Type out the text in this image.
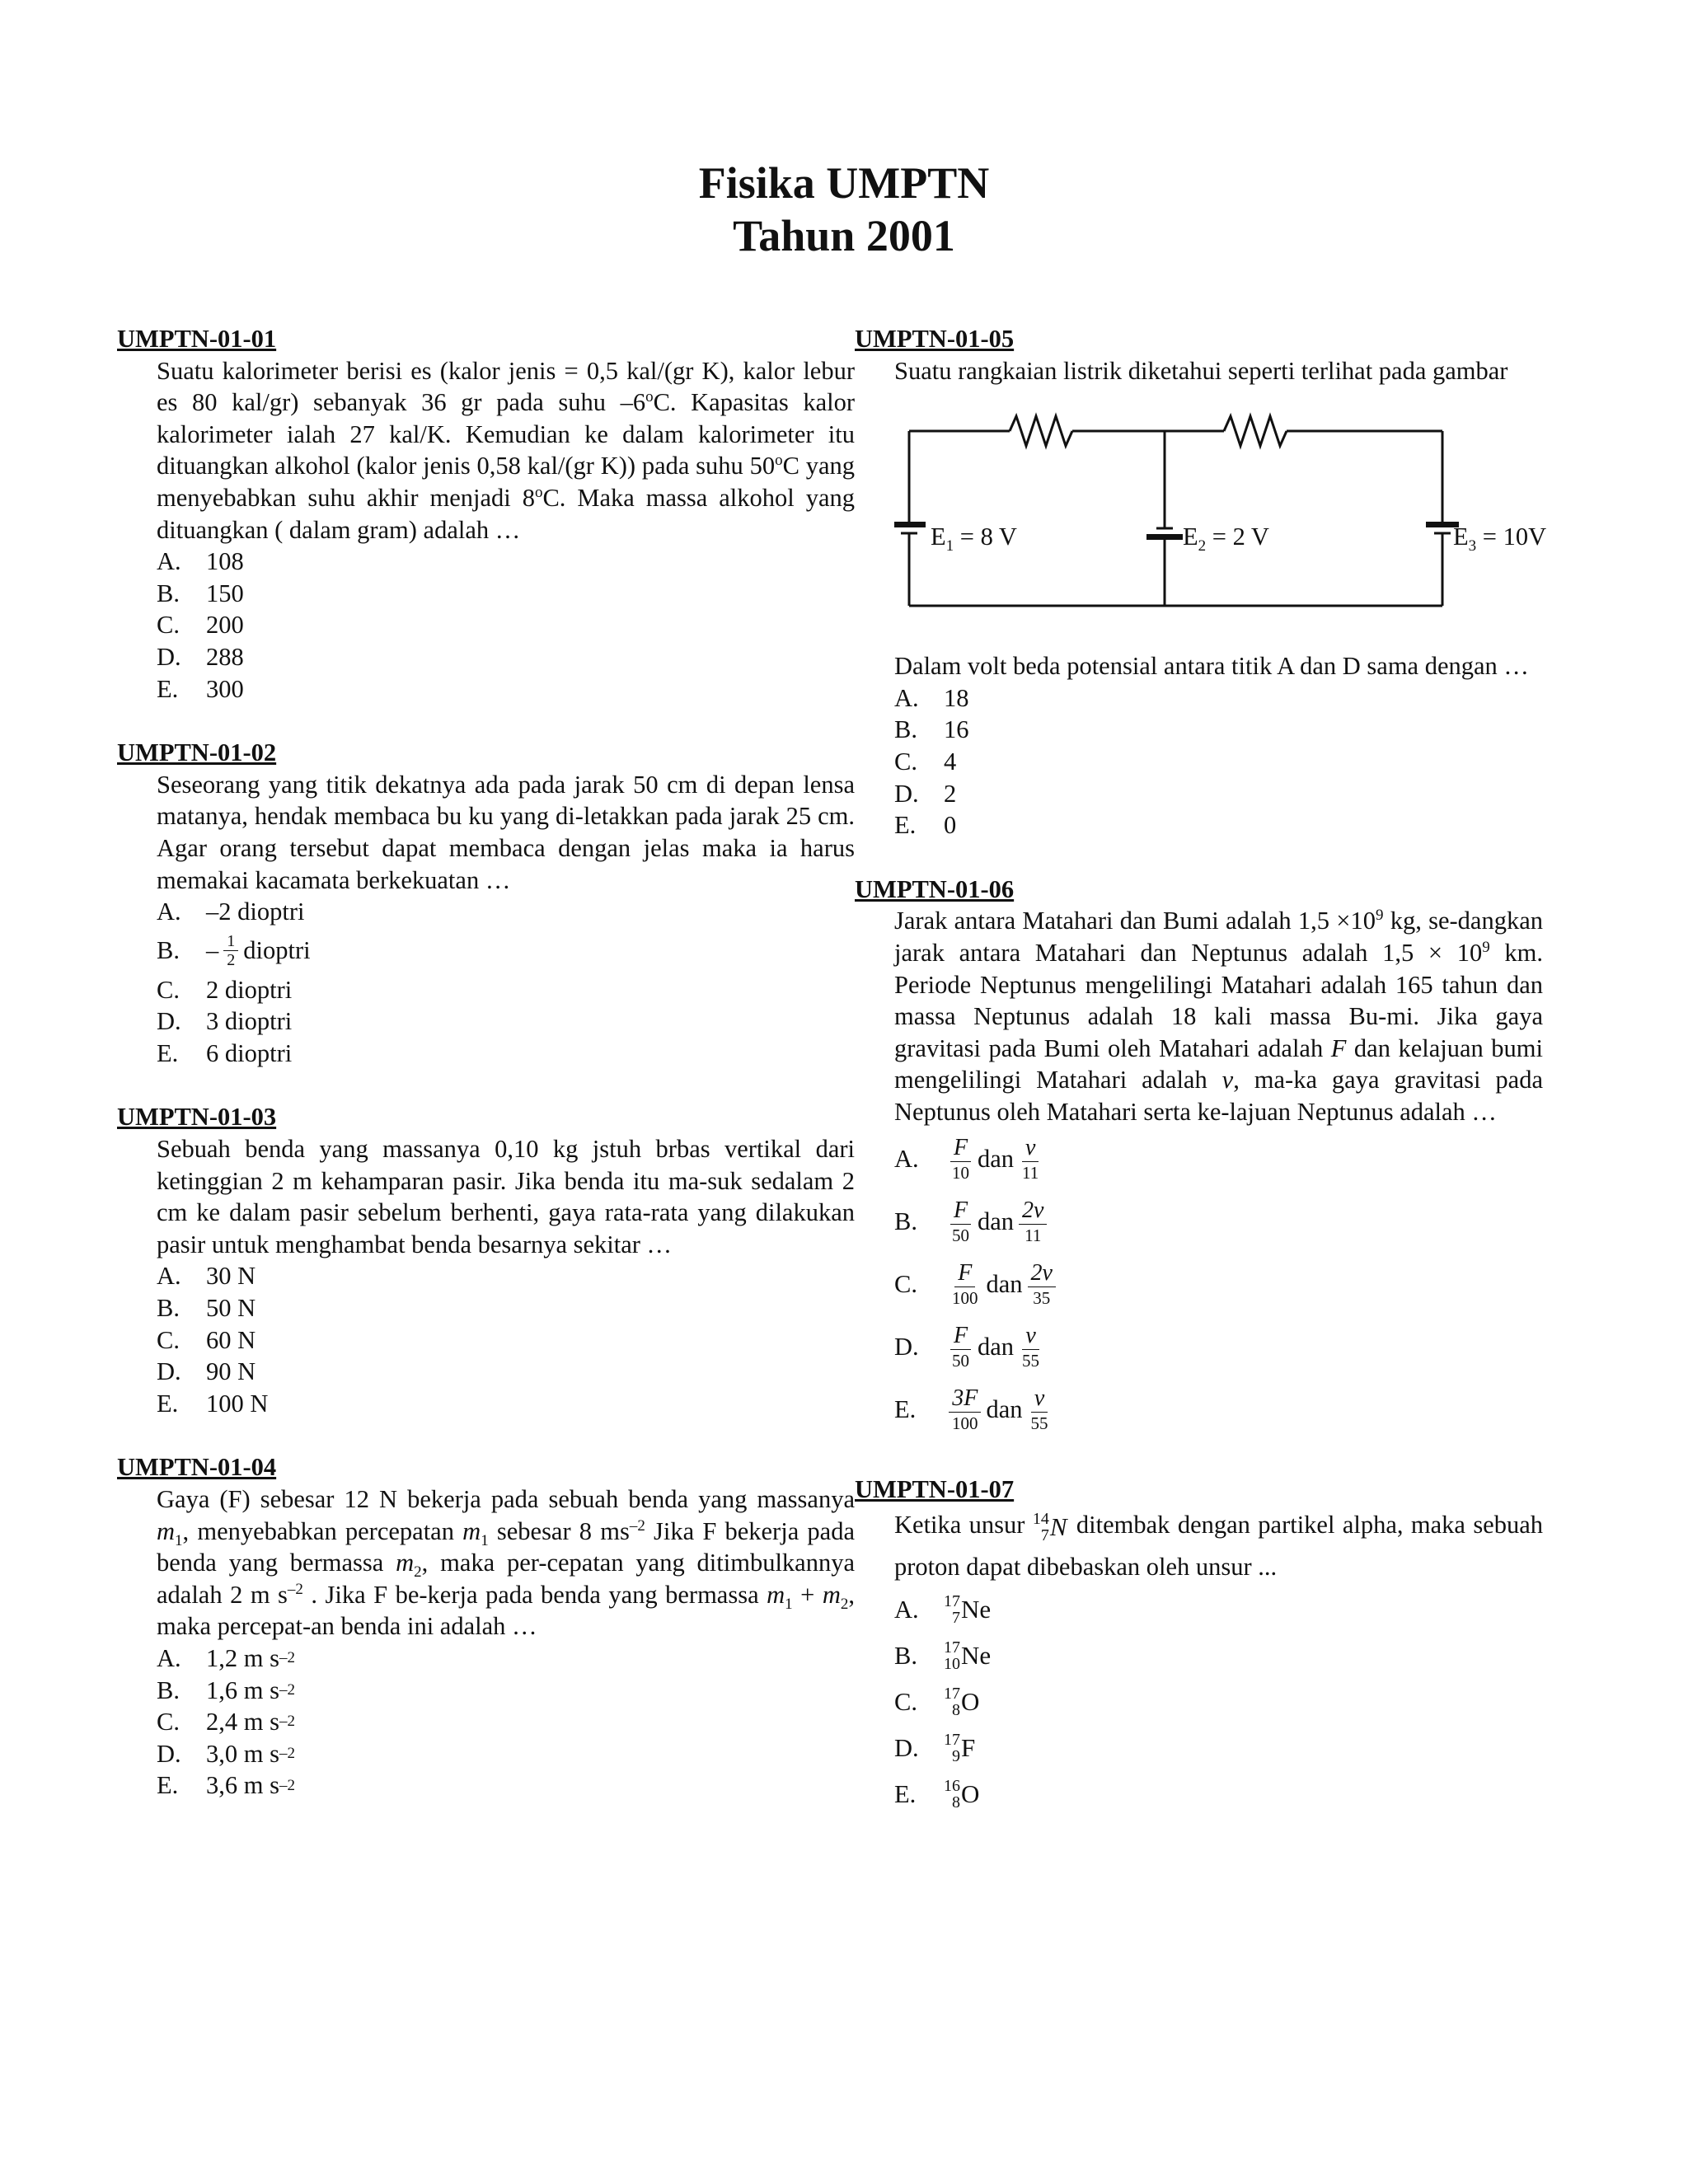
Fisika UMPTN
Tahun 2001
UMPTN-01-01
Suatu kalorimeter berisi es (kalor jenis = 0,5 kal/(gr K), kalor lebur es 80 kal/gr) sebanyak 36 gr pada suhu –6$^o$C. Kapasitas kalor kalorimeter ialah 27 kal/K. Kemudian ke dalam kalorimeter itu dituangkan alkohol (kalor jenis 0,58 kal/(gr K)) pada suhu 50$^o$C yang menyebabkan suhu akhir menjadi 8$^o$C. Maka massa alkohol yang dituangkan ( dalam gram) adalah …
A. 108
B.	150
C.	200
D. 288
E.	300
UMPTN-01-02
Seseorang yang titik dekatnya ada pada jarak 50 cm di depan lensa matanya, hendak membaca bu ku yang di-letakkan pada jarak 25 cm. Agar orang tersebut dapat membaca dengan jelas maka ia harus memakai kacamata berkekuatan …
A. –2 dioptri
B.	– $\frac{1}{2}$ dioptri
C.	2 dioptri
D. 3 dioptri
E.	6 dioptri
UMPTN-01-03
Sebuah benda yang massanya 0,10 kg jstuh brbas vertikal dari ketinggian 2 m kehamparan pasir. Jika benda itu ma-suk sedalam 2 cm ke dalam pasir sebelum berhenti, gaya rata-rata yang dilakukan pasir untuk menghambat benda besarnya sekitar …
A. 30 N
B.	50 N
C.	60 N
D. 90 N
E.	100 N
UMPTN-01-04
Gaya (F) sebesar 12 N bekerja pada sebuah benda yang massanya $m_1$, menyebabkan percepatan $m_1$ sebesar 8 $ms^{-2}$ Jika F bekerja pada benda yang bermassa $m_2$, maka per-cepatan yang ditimbulkannya adalah 2 m $s^{-2}$ . Jika F be-kerja pada benda yang bermassa $m_1 + m_2$, maka percepat-an benda ini adalah …
A. 1,2
m s –2
B.	1,6
m s –2
C.	2,4
m s –2
D. 3,0
m s –2
E.	3,6
m s –2
UMPTN-01-05
Suatu rangkaian listrik diketahui seperti terlihat pada gambar
$E_1 = 8$ V	$E_2 = 2$ V	$E_3 = 10V$
Dalam volt beda potensial antara titik A dan D sama dengan …
A. 18
B.	16
C.	4
D. 2
E.	0
UMPTN-01-06
Jarak antara Matahari dan Bumi adalah $1,5 \times 10^9$ kg, se-dangkan jarak antara Matahari dan Neptunus adalah $1,5 \times 10^9$ km. Periode Neptunus mengelilingi Matahari adalah 165 tahun dan massa Neptunus adalah 18 kali massa Bu-mi. Jika gaya gravitasi pada Bumi oleh Matahari adalah F dan kelajuan bumi mengelilingi Matahari adalah v, ma-ka gaya gravitasi pada Neptunus oleh Matahari serta ke-lajuan Neptunus adalah …
A.	$\frac{F}{10}$ dan $\frac{v}{11}$
B.	$\frac{F}{50}$ dan $\frac{2v}{11}$
C.	$\frac{F}{100}$ dan $\frac{2v}{35}$
D.	$\frac{F}{50}$ dan $\frac{v}{55}$
E.	$\frac{3F}{100}$ dan $\frac{v}{55}$
UMPTN-01-07
Ketika unsur 14
7 N ditembak dengan partikel alpha, maka sebuah proton dapat dibebaskan oleh unsur ...
A.	17
7 Ne
B.	17
10 Ne
C.	17
8 O
D.	17
9 F
E.	16
8 O
